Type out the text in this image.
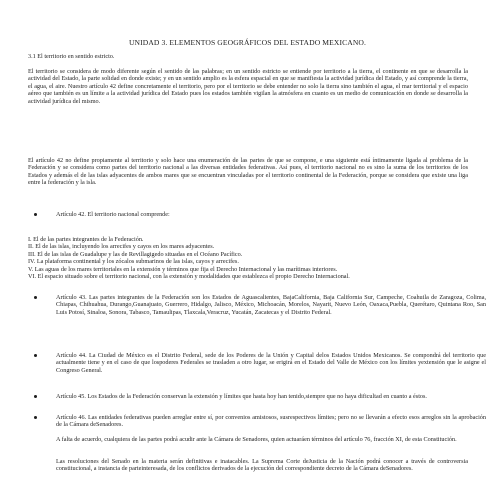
UNIDAD 3. ELEMENTOS GEOGRÁFICOS DEL ESTADO MEXICANO.

3.1 El territorio en sentido estricto.

El territorio se considera de modo diferente según el sentido de las palabras; en un sentido estricto se entiende por territorio a la tierra, el continente en que se desarrolla la actividad del Estado, la parte solidad en donde existe; y en un sentido amplio es la esfera espacial en que se manifiesta la actividad jurídica del Estado, y así comprende la tierra, el agua, el aire. Nuestro artículo 42 define concretamente el territorio, pero por el territorio se debe entender no solo la tierra sino también el agua, el mar territorial y el espacio aéreo que también es un límite a la actividad jurídica del Estado pues los estados también vigilan la atmósfera en cuanto es un medio de comunicación en donde se desarrolla la actividad jurídica del mismo.

El artículo 42 no define propiamente al territorio y solo hace una enumeración de las partes de que se compone, e una siguiente está íntimamente ligada al problema de la Federación y se considera como partes del territorio nacional a las diversas entidades federativas. Así pues, el territorio nacional no es sino la suma de los territorios de los Estados y además el de las islas adyacentes de ambos mares que se encuentran vinculadas por el territorio continental de la Federación, porque se considera que existe una liga entre la federación y la isla.

Artículo 42. El territorio nacional comprende:

I. El de las partes integrantes de la Federación.

II. El de las islas, incluyendo los arrecifes y cayos en los mares adyacentes.

III. El de las islas de Guadalupe y las de Revillagigedo situadas en el Océano Pacífico.

IV. La plataforma continental y los zócalos submarinos de las islas, cayos y arrecifes.

V. Las aguas de los mares territoriales en la extensión y términos que fija el Derecho Internacional y las marítimas interiores.

VI. El espacio situado sobre el territorio nacional, con la extensión y modalidades que establezca el propio Derecho Internacional.

Artículo 43. Las partes integrantes de la Federación son los Estados de Aguascalientes, BajaCalifornia, Baja California Sur, Campeche, Coahuila de Zaragoza, Colima, Chiapas, Chihuahua, Durango,Guanajuato, Guerrero, Hidalgo, Jalisco, México, Michoacán, Morelos, Nayarit, Nuevo León, Oaxaca,Puebla, Querétaro, Quintana Roo, San Luis Potosí, Sinaloa, Sonora, Tabasco, Tamaulipas, Tlaxcala,Veracruz, Yucatán, Zacatecas y el Distrito Federal.

Artículo 44. La Ciudad de México es el Distrito Federal, sede de los Poderes de la Unión y Capital delos Estados Unidos Mexicanos. Se compondrá del territorio que actualmente tiene y en el caso de que lospoderes Federales se trasladen a otro lugar, se erigirá en el Estado del Valle de México con los límites yextensión que le asigne el Congreso General.

Artículo 45. Los Estados de la Federación conservan la extensión y límites que hasta hoy han tenido,siempre que no haya dificultad en cuanto a éstos.

Artículo 46. Las entidades federativas pueden arreglar entre sí, por convenios amistosos, susrespectivos límites; pero no se llevarán a efecto esos arreglos sin la aprobación de la Cámara deSenadores.

A falta de acuerdo, cualquiera de las partes podrá acudir ante la Cámara de Senadores, quien actuaráen términos del artículo 76, fracción XI, de esta Constitución.

Las resoluciones del Senado en la materia serán definitivas e inatacables. La Suprema Corte deJusticia de la Nación podrá conocer a través de controversia constitucional, a instancia de parteinteresada, de los conflictos derivados de la ejecución del correspondiente decreto de la Cámara deSenadores.
